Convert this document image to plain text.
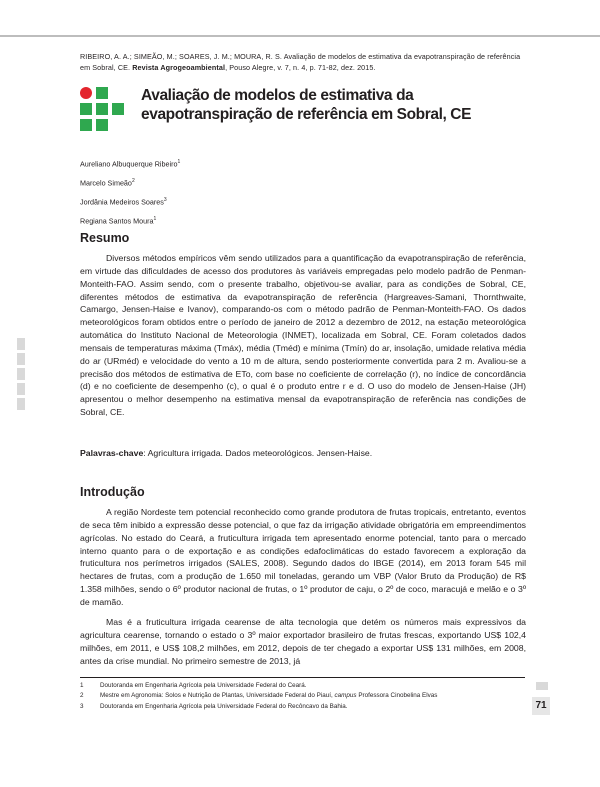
RIBEIRO, A. A.; SIMEÃO, M.; SOARES, J. M.; MOURA, R. S. Avaliação de modelos de estimativa da evapotranspiração de referência em Sobral, CE. Revista Agrogeoambiental, Pouso Alegre, v. 7, n. 4, p. 71-82, dez. 2015.
Avaliação de modelos de estimativa da evapotranspiração de referência em Sobral, CE
Aureliano Albuquerque Ribeiro$^1$
Marcelo Simeão$^2$
Jordânia Medeiros Soares$^3$
Regiana Santos Moura$^1$
Resumo

Diversos métodos empíricos vêm sendo utilizados para a quantificação da evapotranspiração de referência, em virtude das dificuldades de acesso dos produtores às variáveis empregadas pelo modelo padrão de Penman-Monteith-FAO. Assim sendo, com o presente trabalho, objetivou-se avaliar, para as condições de Sobral, CE, diferentes métodos de estimativa da evapotranspiração de referência (Hargreaves-Samani, Thornthwaite, Camargo, Jensen-Haise e Ivanov), comparando-os com o método padrão de Penman-Monteith-FAO. Os dados meteorológicos foram obtidos entre o período de janeiro de 2012 a dezembro de 2012, na estação meteorológica automática do Instituto Nacional de Meteorologia (INMET), localizada em Sobral, CE. Foram coletados dados mensais de temperaturas máxima (Tmáx), média (Tméd) e mínima (Tmín) do ar, insolação, umidade relativa média do ar (URméd) e velocidade do vento a 10 m de altura, sendo posteriormente convertida para 2 m. Avaliou-se a precisão dos métodos de estimativa de ETo, com base no coeficiente de correlação (r), no índice de concordância (d) e no coeficiente de desempenho (c), o qual é o produto entre r e d. O uso do modelo de Jensen-Haise (JH) apresentou o melhor desempenho na estimativa mensal da evapotranspiração de referência nas condições de Sobral, CE.

Palavras-chave: Agricultura irrigada. Dados meteorológicos. Jensen-Haise.

Introdução

A região Nordeste tem potencial reconhecido como grande produtora de frutas tropicais, entretanto, eventos de seca têm inibido a expressão desse potencial, o que faz da irrigação atividade obrigatória em empreendimentos agrícolas. No estado do Ceará, a fruticultura irrigada tem apresentado enorme potencial, tanto para o mercado interno quanto para o de exportação e as condições edafoclimáticas do estado favorecem a exploração da fruticultura nos perímetros irrigados (SALES, 2008). Segundo dados do IBGE (2014), em 2013 foram 545 mil hectares de frutas, com a produção de 1.650 mil toneladas, gerando um VBP (Valor Bruto da Produção) de R$ 1.358 milhões, sendo o 6º produtor nacional de frutas, o 1º produtor de caju, o 2º de coco, maracujá e melão e o 3º de mamão.

Mas é a fruticultura irrigada cearense de alta tecnologia que detém os números mais expressivos da agricultura cearense, tornando o estado o 3º maior exportador brasileiro de frutas frescas, exportando US$ 102,4 milhões, em 2011, e US$ 108,2 milhões, em 2012, depois de ter chegado a exportar US$ 131 milhões, em 2008, antes da crise mundial. No primeiro semestre de 2013, já

1	Doutoranda em Engenharia Agrícola pela Universidade Federal do Ceará.
2	Mestre em Agronomia: Solos e Nutrição de Plantas, Universidade Federal do Piauí, campus Professora Cinobelina Elvas
3	Doutoranda em Engenharia Agrícola pela Universidade Federal do Recôncavo da Bahia.	71
